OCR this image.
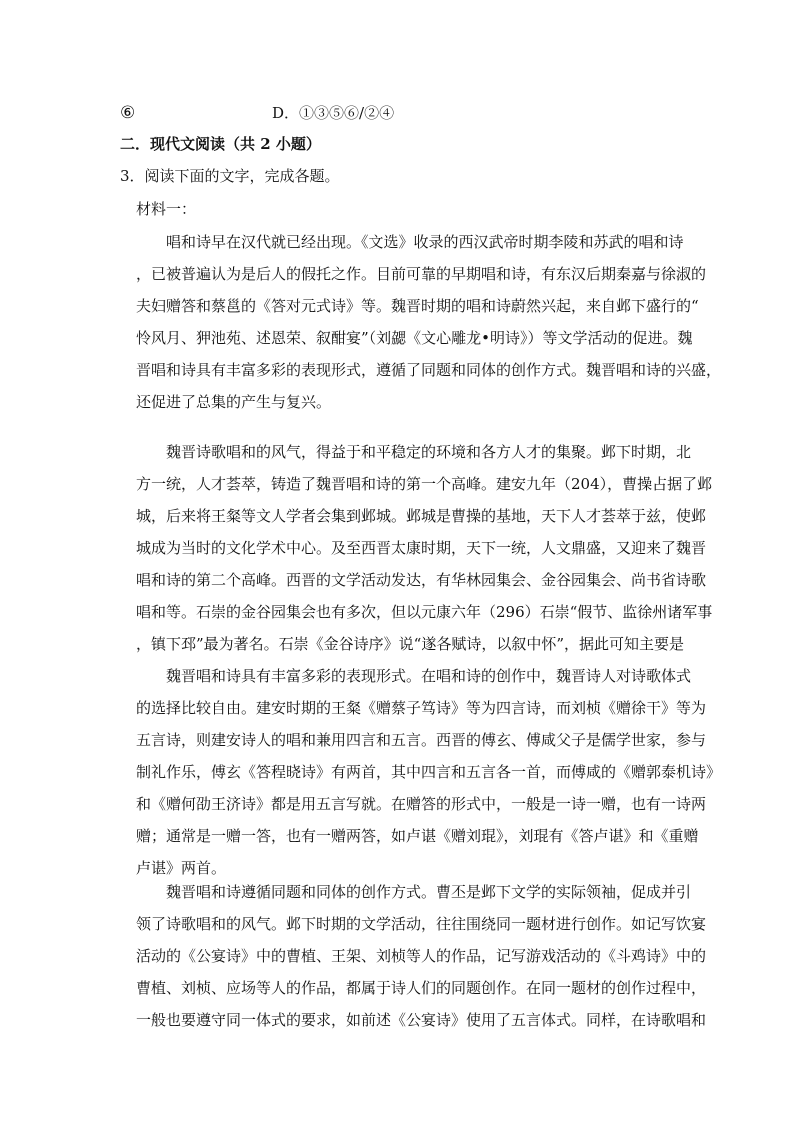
⑥	D．①③⑤⑥/②④
二．现代文阅读（共 2 小题）
3．阅读下面的文字，完成各题。
材料一：
　　唱和诗早在汉代就已经出现。《文选》收录的西汉武帝时期李陵和苏武的唱和诗
，已被普遍认为是后人的假托之作。目前可靠的早期唱和诗，有东汉后期秦嘉与徐淑的
夫妇赠答和蔡邕的《答对元式诗》等。魏晋时期的唱和诗蔚然兴起，来自邺下盛行的“
怜风月、狎池苑、述恩荣、叙酣宴”（刘勰《文心雕龙•明诗》）等文学活动的促进。魏
晋唱和诗具有丰富多彩的表现形式，遵循了同题和同体的创作方式。魏晋唱和诗的兴盛，
还促进了总集的产生与复兴。
　　魏晋诗歌唱和的风气，得益于和平稳定的环境和各方人才的集聚。邺下时期，北
方一统，人才荟萃，铸造了魏晋唱和诗的第一个高峰。建安九年（204），曹操占据了邺
城，后来将王粲等文人学者会集到邺城。邺城是曹操的基地，天下人才荟萃于兹，使邺
城成为当时的文化学术中心。及至西晋太康时期，天下一统，人文鼎盛，又迎来了魏晋
唱和诗的第二个高峰。西晋的文学活动发达，有华林园集会、金谷园集会、尚书省诗歌
唱和等。石崇的金谷园集会也有多次，但以元康六年（296）石崇“假节、监徐州诸军事
，镇下邳”最为著名。石崇《金谷诗序》说“遂各赋诗，以叙中怀”，据此可知主要是
　　魏晋唱和诗具有丰富多彩的表现形式。在唱和诗的创作中，魏晋诗人对诗歌体式
的选择比较自由。建安时期的王粲《赠蔡子笃诗》等为四言诗，而刘桢《赠徐干》等为
五言诗，则建安诗人的唱和兼用四言和五言。西晋的傅玄、傅咸父子是儒学世家，参与
制礼作乐，傅玄《答程晓诗》有两首，其中四言和五言各一首，而傅咸的《赠郭泰机诗》
和《赠何劭王济诗》都是用五言写就。在赠答的形式中，一般是一诗一赠，也有一诗两
赠；通常是一赠一答，也有一赠两答，如卢谌《赠刘琨》，刘琨有《答卢谌》和《重赠
卢谌》两首。
　　魏晋唱和诗遵循同题和同体的创作方式。曹丕是邺下文学的实际领袖，促成并引
领了诗歌唱和的风气。邺下时期的文学活动，往往围绕同一题材进行创作。如记写饮宴
活动的《公宴诗》中的曹植、王架、刘桢等人的作品，记写游戏活动的《斗鸡诗》中的
曹植、刘桢、应场等人的作品，都属于诗人们的同题创作。在同一题材的创作过程中，
一般也要遵守同一体式的要求，如前述《公宴诗》使用了五言体式。同样，在诗歌唱和
